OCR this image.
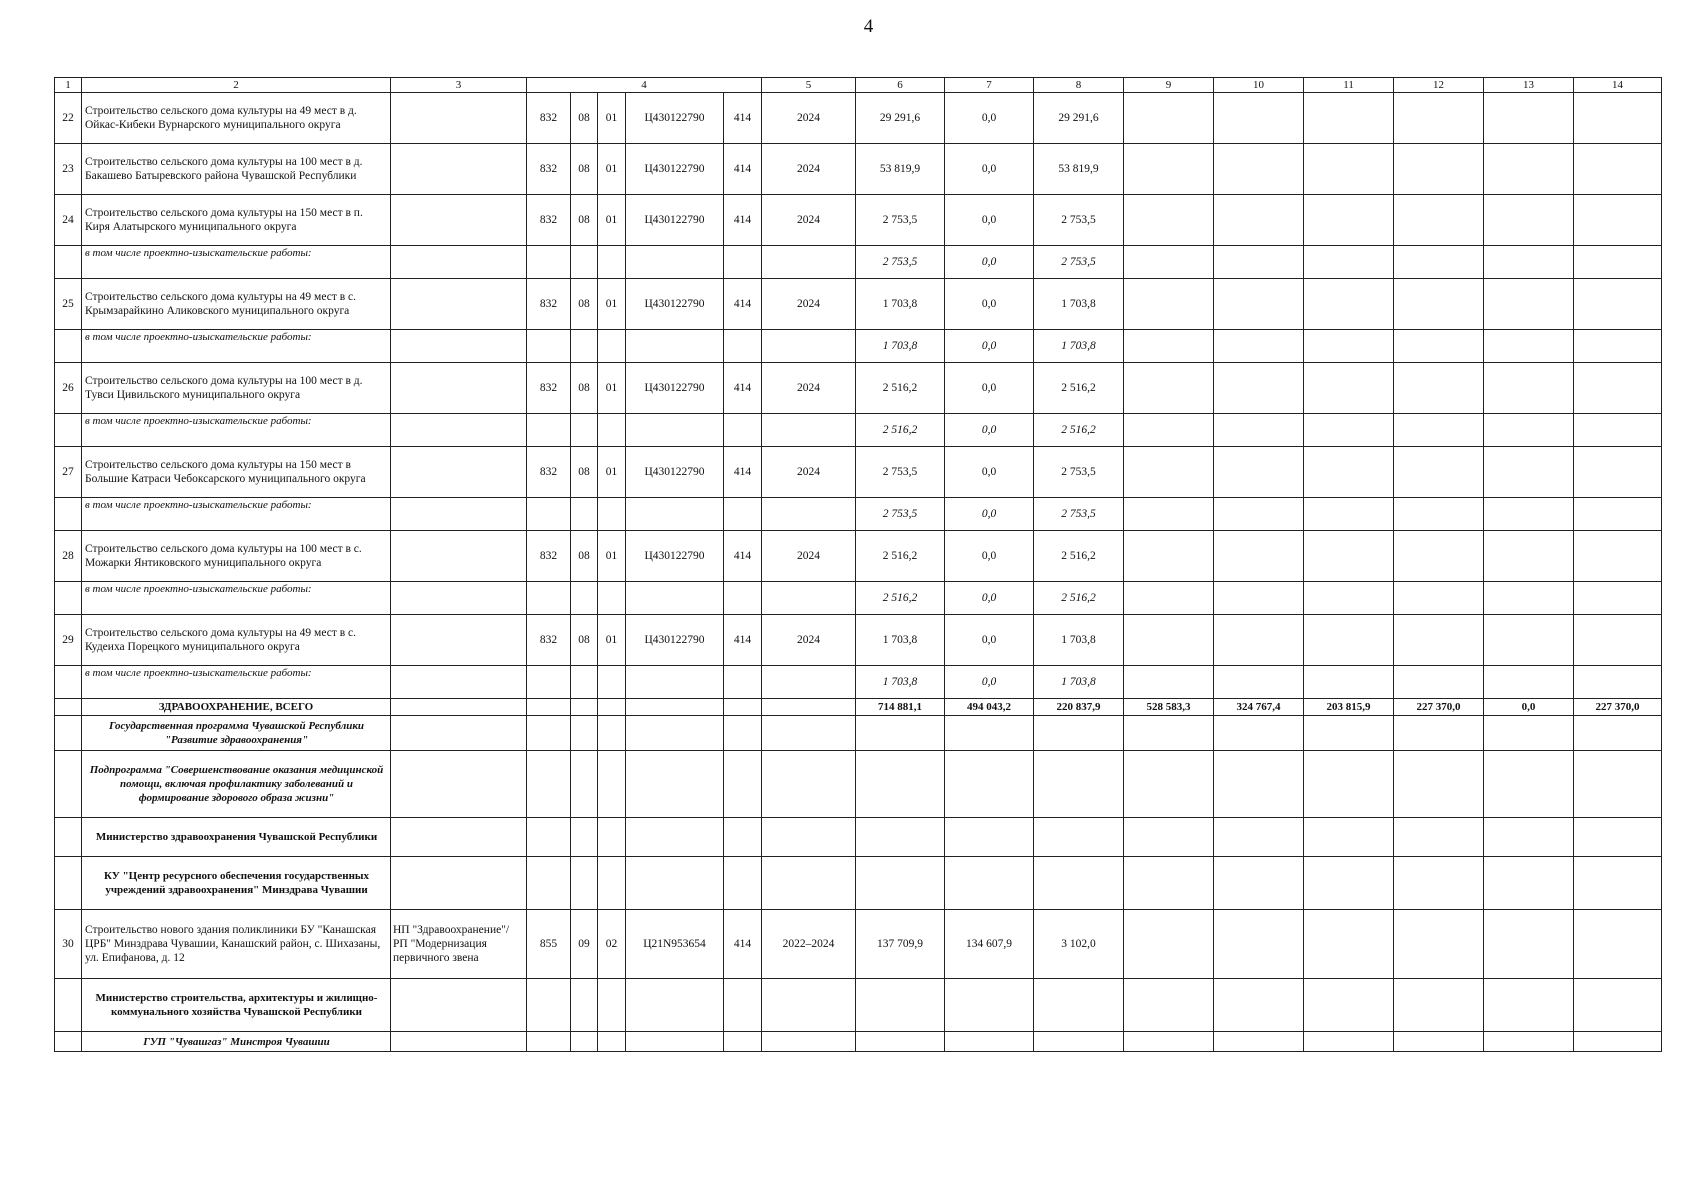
4
1	2	3	4					5	6	7	8	9	10	11	12	13	14
22	Строительство сельского дома культуры на 49 мест в д. Ойкас-Кибеки Вурнарского муниципального округа		832	08	01	Ц430122790	414	2024	29 291,6	0,0	29 291,6						
23	Строительство сельского дома культуры на 100 мест в д. Бакашево Батыревского района Чувашской Республики		832	08	01	Ц430122790	414	2024	53 819,9	0,0	53 819,9						
24	Строительство сельского дома культуры на 150 мест в п. Киря Алатырского муниципального округа		832	08	01	Ц430122790	414	2024	2 753,5	0,0	2 753,5						
	в том числе проектно-изыскательские работы:								2 753,5	0,0	2 753,5						
25	Строительство сельского дома культуры на 49 мест в с. Крымзарайкино Аликовского муниципального округа		832	08	01	Ц430122790	414	2024	1 703,8	0,0	1 703,8						
	в том числе проектно-изыскательские работы:								1 703,8	0,0	1 703,8						
26	Строительство сельского дома культуры на 100 мест в д. Тувси Цивильского муниципального округа		832	08	01	Ц430122790	414	2024	2 516,2	0,0	2 516,2						
	в том числе проектно-изыскательские работы:								2 516,2	0,0	2 516,2						
27	Строительство сельского дома культуры на 150 мест в Большие Катраси Чебоксарского муниципального округа		832	08	01	Ц430122790	414	2024	2 753,5	0,0	2 753,5						
	в том числе проектно-изыскательские работы:								2 753,5	0,0	2 753,5						
28	Строительство сельского дома культуры на 100 мест в с. Можарки Янтиковского муниципального округа		832	08	01	Ц430122790	414	2024	2 516,2	0,0	2 516,2						
	в том числе проектно-изыскательские работы:								2 516,2	0,0	2 516,2						
29	Строительство сельского дома культуры на 49 мест в с. Кудеиха Порецкого муниципального округа		832	08	01	Ц430122790	414	2024	1 703,8	0,0	1 703,8						
	в том числе проектно-изыскательские работы:								1 703,8	0,0	1 703,8						
	ЗДРАВООХРАНЕНИЕ, ВСЕГО								714 881,1	494 043,2	220 837,9	528 583,3	324 767,4	203 815,9	227 370,0	0,0	227 370,0
	Государственная программа Чувашской Республики "Развитие здравоохранения"																
	Подпрограмма "Совершенствование оказания медицинской помощи, включая профилактику заболеваний и формирование здорового образа жизни"																
	Министерство здравоохранения Чувашской Республики																
	КУ "Центр ресурсного обеспечения государственных учреждений здравоохранения" Минздрава Чувашии																
30	Строительство нового здания поликлиники БУ "Канашская ЦРБ" Минздрава Чувашии, Канашский район, с. Шихазаны, ул. Епифанова, д. 12	НП "Здравоохранение"/ РП "Модернизация первичного звена	855	09	02	Ц21N953654	414	2022–2024	137 709,9	134 607,9	3 102,0						
	Министерство строительства, архитектуры и жилищно-коммунального хозяйства Чувашской Республики																
	ГУП "Чувашгаз" Минстроя Чувашии																
